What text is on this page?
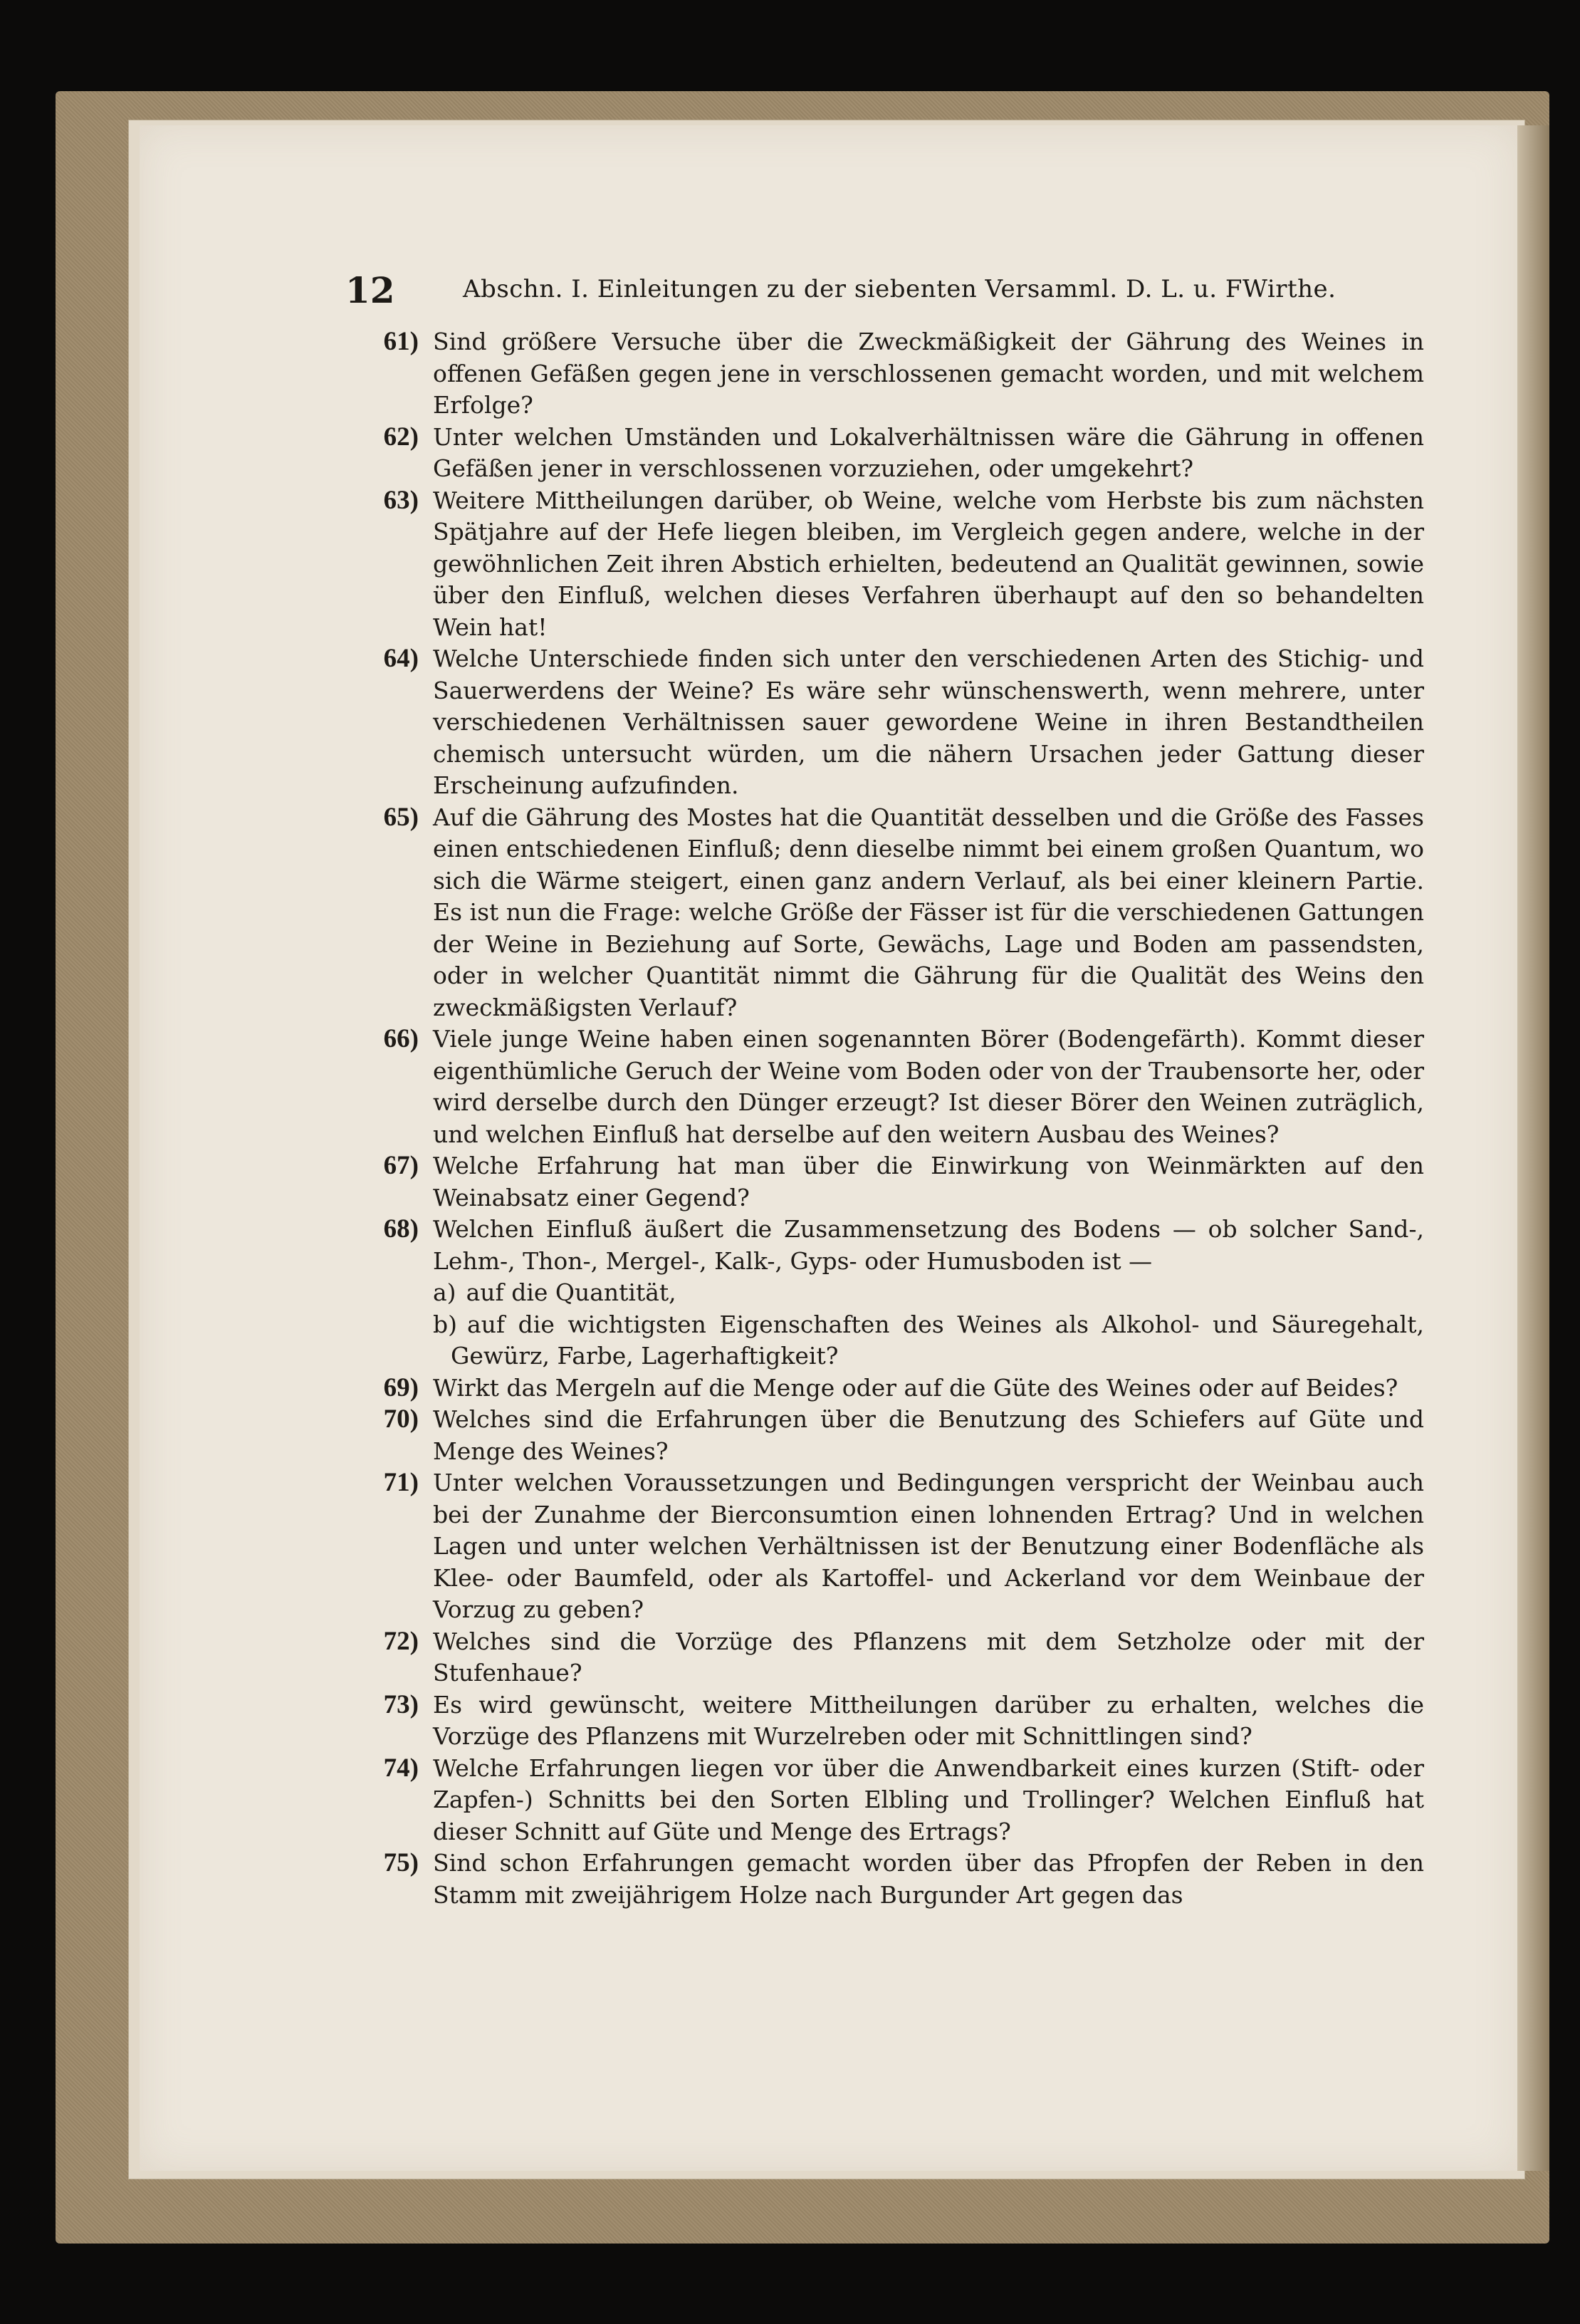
12	Abschn. I. Einleitungen zu der siebenten Versamml. D. L. u. FWirthe.
61) Sind größere Versuche über die Zweckmäßigkeit der Gährung des Weines in offenen Gefäßen gegen jene in verschlossenen gemacht worden, und mit welchem Erfolge?
62) Unter welchen Umständen und Lokalverhältnissen wäre die Gährung in offenen Gefäßen jener in verschlossenen vorzuziehen, oder umgekehrt?
63) Weitere Mittheilungen darüber, ob Weine, welche vom Herbste bis zum nächsten Spätjahre auf der Hefe liegen bleiben, im Vergleich gegen andere, welche in der gewöhnlichen Zeit ihren Abstich erhielten, bedeutend an Qualität gewinnen, sowie über den Einfluß, welchen dieses Verfahren überhaupt auf den so behandelten Wein hat!
64) Welche Unterschiede finden sich unter den verschiedenen Arten des Stichig- und Sauerwerdens der Weine? Es wäre sehr wünschenswerth, wenn mehrere, unter verschiedenen Verhältnissen sauer gewordene Weine in ihren Bestandtheilen chemisch untersucht würden, um die nähern Ursachen jeder Gattung dieser Erscheinung aufzufinden.
65) Auf die Gährung des Mostes hat die Quantität desselben und die Größe des Fasses einen entschiedenen Einfluß; denn dieselbe nimmt bei einem großen Quantum, wo sich die Wärme steigert, einen ganz andern Verlauf, als bei einer kleinern Partie. Es ist nun die Frage: welche Größe der Fässer ist für die verschiedenen Gattungen der Weine in Beziehung auf Sorte, Gewächs, Lage und Boden am passendsten, oder in welcher Quantität nimmt die Gährung für die Qualität des Weins den zweckmäßigsten Verlauf?
66) Viele junge Weine haben einen sogenannten Börer (Bodengefärth). Kommt dieser eigenthümliche Geruch der Weine vom Boden oder von der Traubensorte her, oder wird derselbe durch den Dünger erzeugt? Ist dieser Börer den Weinen zuträglich, und welchen Einfluß hat derselbe auf den weitern Ausbau des Weines?
67) Welche Erfahrung hat man über die Einwirkung von Weinmärkten auf den Weinabsatz einer Gegend?
68) Welchen Einfluß äußert die Zusammensetzung des Bodens — ob solcher Sand-, Lehm-, Thon-, Mergel-, Kalk-, Gyps- oder Humusboden ist —
a) auf die Quantität,
b) auf die wichtigsten Eigenschaften des Weines als Alkohol- und Säuregehalt, Gewürz, Farbe, Lagerhaftigkeit?
69) Wirkt das Mergeln auf die Menge oder auf die Güte des Weines oder auf Beides?
70) Welches sind die Erfahrungen über die Benutzung des Schiefers auf Güte und Menge des Weines?
71) Unter welchen Voraussetzungen und Bedingungen verspricht der Weinbau auch bei der Zunahme der Bierconsumtion einen lohnenden Ertrag? Und in welchen Lagen und unter welchen Verhältnissen ist der Benutzung einer Bodenfläche als Klee- oder Baumfeld, oder als Kartoffel- und Ackerland vor dem Weinbaue der Vorzug zu geben?
72) Welches sind die Vorzüge des Pflanzens mit dem Setzholze oder mit der Stufenhaue?
73) Es wird gewünscht, weitere Mittheilungen darüber zu erhalten, welches die Vorzüge des Pflanzens mit Wurzelreben oder mit Schnittlingen sind?
74) Welche Erfahrungen liegen vor über die Anwendbarkeit eines kurzen (Stift- oder Zapfen-) Schnitts bei den Sorten Elbling und Trollinger? Welchen Einfluß hat dieser Schnitt auf Güte und Menge des Ertrags?
75) Sind schon Erfahrungen gemacht worden über das Pfropfen der Reben in den Stamm mit zweijährigem Holze nach Burgunder Art gegen das
